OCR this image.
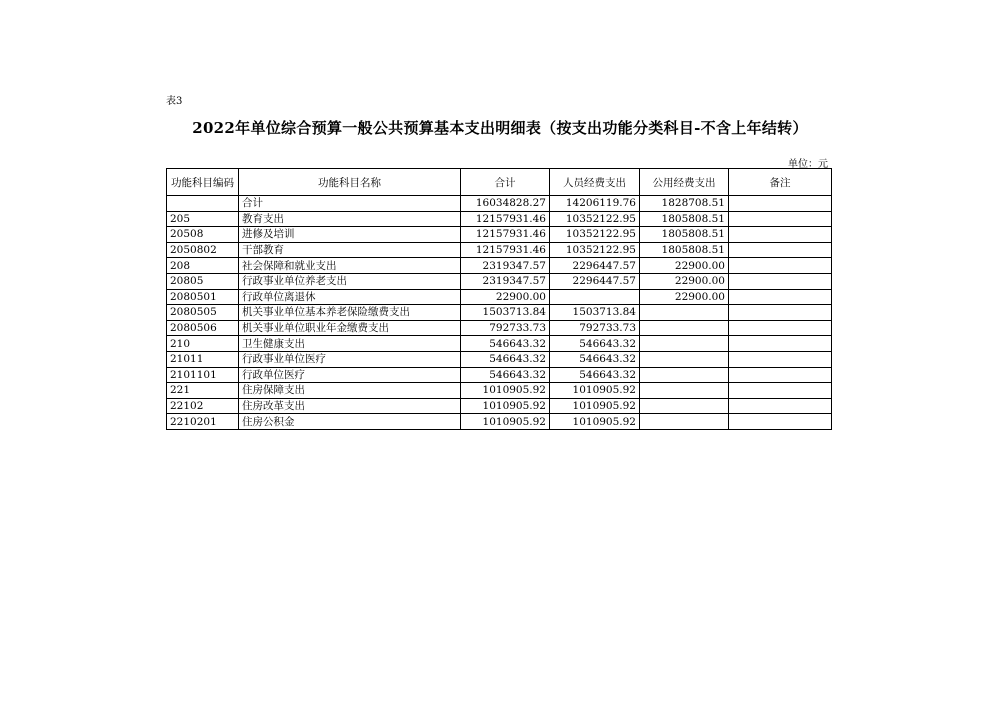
表3
2022年单位综合预算一般公共预算基本支出明细表（按支出功能分类科目-不含上年结转）
单位：元
功能科目编码	功能科目名称	合计	人员经费支出	公用经费支出	备注
	合计	16034828.27	14206119.76	1828708.51	
205	教育支出	12157931.46	10352122.95	1805808.51	
20508	进修及培训	12157931.46	10352122.95	1805808.51	
2050802	干部教育	12157931.46	10352122.95	1805808.51	
208	社会保障和就业支出	2319347.57	2296447.57	22900.00	
20805	行政事业单位养老支出	2319347.57	2296447.57	22900.00	
2080501	行政单位离退休	22900.00		22900.00	
2080505	机关事业单位基本养老保险缴费支出	1503713.84	1503713.84		
2080506	机关事业单位职业年金缴费支出	792733.73	792733.73		
210	卫生健康支出	546643.32	546643.32		
21011	行政事业单位医疗	546643.32	546643.32		
2101101	行政单位医疗	546643.32	546643.32		
221	住房保障支出	1010905.92	1010905.92		
22102	住房改革支出	1010905.92	1010905.92		
2210201	住房公积金	1010905.92	1010905.92		
